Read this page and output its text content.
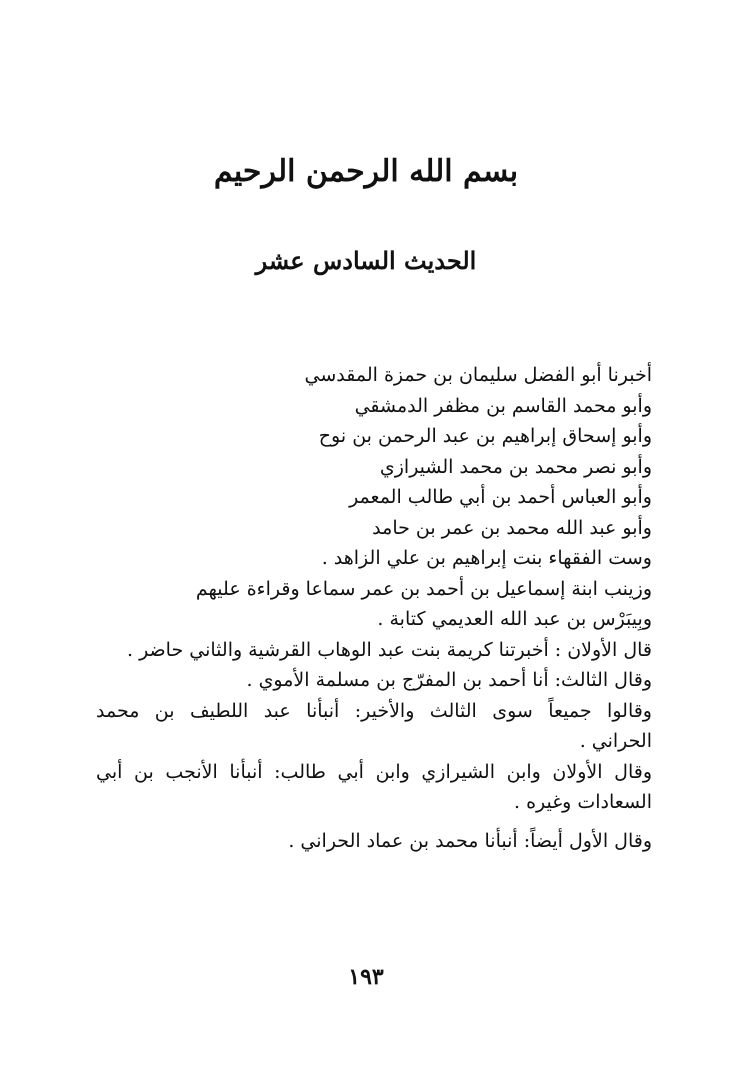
بسم الله الرحمن الرحيم
الحديث السادس عشر
أخبرنا أبو الفضل سليمان بن حمزة المقدسي
وأبو محمد القاسم بن مظفر الدمشقي
وأبو إسحاق إبراهيم بن عبد الرحمن بن نوح
وأبو نصر محمد بن محمد الشيرازي
وأبو العباس أحمد بن أبي طالب المعمر
وأبو عبد الله محمد بن عمر بن حامد
وست الفقهاء بنت إبراهيم بن علي الزاهد .
وزينب ابنة إسماعيل بن أحمد بن عمر سماعا وقراءة عليهم
وبِيبَرْس بن عبد الله العديمي كتابة .
قال الأولان : أخبرتنا كريمة بنت عبد الوهاب القرشية والثاني حاضر .
وقال الثالث: أنا أحمد بن المفرّج بن مسلمة الأموي .
وقالوا جميعاً سوى الثالث والأخير: أنبأنا عبد اللطيف بن محمد
الحراني .
وقال الأولان وابن الشيرازي وابن أبي طالب: أنبأنا الأنجب بن أبي
السعادات وغيره .
وقال الأول أيضاً: أنبأنا محمد بن عماد الحراني .
١٩٣
